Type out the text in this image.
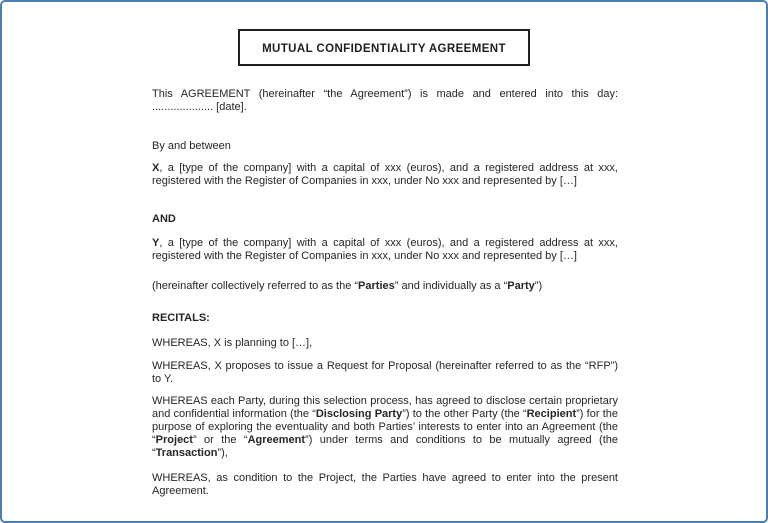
MUTUAL CONFIDENTIALITY AGREEMENT

This AGREEMENT (hereinafter “the Agreement”) is made and entered into this day: .................... [date].

By and between

X, a [type of the company] with a capital of xxx (euros), and a registered address at xxx, registered with the Register of Companies in xxx, under No xxx and represented by […]

AND

Y, a [type of the company] with a capital of xxx (euros), and a registered address at xxx, registered with the Register of Companies in xxx, under No xxx and represented by […]

(hereinafter collectively referred to as the “Parties” and individually as a “Party”)

RECITALS:

WHEREAS, X is planning to […],

WHEREAS, X proposes to issue a Request for Proposal (hereinafter referred to as the “RFP”) to Y.

WHEREAS each Party, during this selection process, has agreed to disclose certain proprietary and confidential information (the “Disclosing Party”) to the other Party (the “Recipient”) for the purpose of exploring the eventuality and both Parties’ interests to enter into an Agreement (the “Project” or the “Agreement”) under terms and conditions to be mutually agreed (the “Transaction”),

WHEREAS, as condition to the Project, the Parties have agreed to enter into the present Agreement.
